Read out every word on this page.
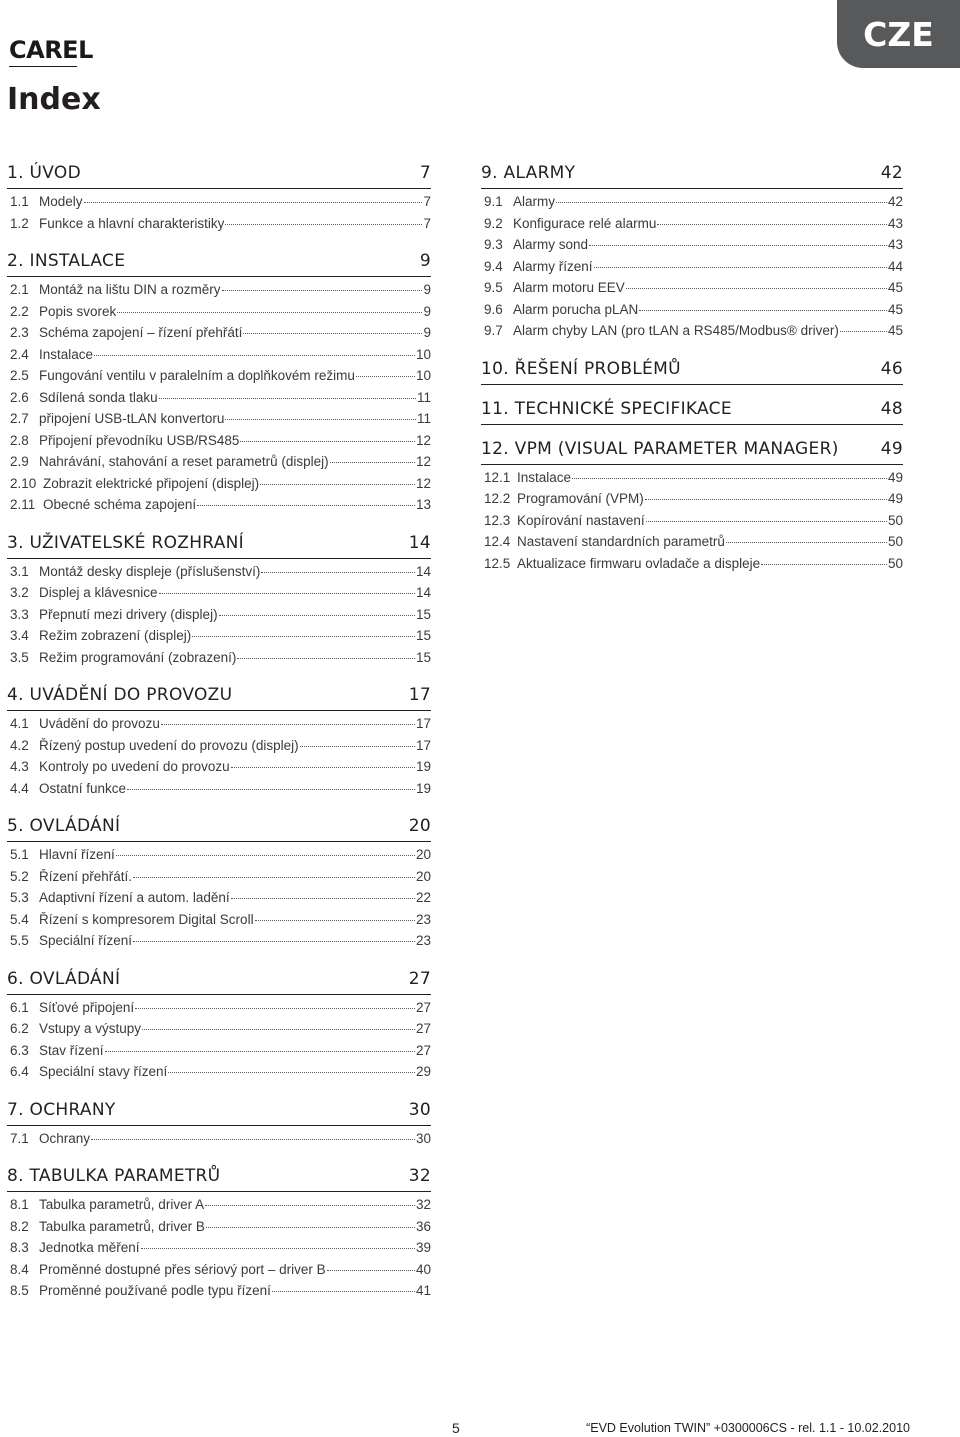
CAREL	CZE
Index
1. ÚVOD	7
1.1 Modely	7
1.2 Funkce a hlavní charakteristiky	7
2. INSTALACE	9
2.1 Montáž na lištu DIN a rozměry	9
2.2 Popis svorek	9
2.3 Schéma zapojení – řízení přehřátí	9
2.4 Instalace	10
2.5 Fungování ventilu v paralelním a doplňkovém režimu	10
2.6 Sdílená sonda tlaku	11
2.7 připojení USB-tLAN konvertoru	11
2.8 Připojení převodníku USB/RS485	12
2.9 Nahrávání, stahování a reset parametrů (displej)	12
2.10 Zobrazit elektrické připojení (displej)	12
2.11 Obecné schéma zapojení	13
3. UŽIVATELSKÉ ROZHRANÍ	14
3.1 Montáž desky displeje (příslušenství)	14
3.2 Displej a klávesnice	14
3.3 Přepnutí mezi drivery (displej)	15
3.4 Režim zobrazení (displej)	15
3.5 Režim programování (zobrazení)	15
4. UVÁDĚNÍ DO PROVOZU	17
4.1 Uvádění do provozu	17
4.2 Řízený postup uvedení do provozu (displej)	17
4.3 Kontroly po uvedení do provozu	19
4.4 Ostatní funkce	19
5. OVLÁDÁNÍ	20
5.1 Hlavní řízení	20
5.2 Řízení přehřátí.	20
5.3 Adaptivní řízení a autom. ladění	22
5.4 Řízení s kompresorem Digital Scroll	23
5.5 Speciální řízení	23
6. OVLÁDÁNÍ	27
6.1 Síťové připojení	27
6.2 Vstupy a výstupy	27
6.3 Stav řízení	27
6.4 Speciální stavy řízení	29
7. OCHRANY	30
7.1 Ochrany	30
8. TABULKA PARAMETRŮ	32
8.1 Tabulka parametrů, driver A	32
8.2 Tabulka parametrů, driver B	36
8.3 Jednotka měření	39
8.4 Proměnné dostupné přes sériový port – driver B	40
8.5 Proměnné používané podle typu řízení	41
9. ALARMY	42
9.1 Alarmy	42
9.2 Konfigurace relé alarmu	43
9.3 Alarmy sond	43
9.4 Alarmy řízení	44
9.5 Alarm motoru EEV	45
9.6 Alarm porucha pLAN	45
9.7 Alarm chyby LAN (pro tLAN a RS485/Modbus® driver)	45
10. ŘEŠENÍ PROBLÉMŮ	46
11. TECHNICKÉ SPECIFIKACE	48
12. VPM (VISUAL PARAMETER MANAGER) 49
12.1 Instalace	49
12.2 Programování (VPM)	49
12.3 Kopírování nastavení	50
12.4 Nastavení standardních parametrů	50
12.5 Aktualizace firmwaru ovladače a displeje	50
5	“EVD Evolution TWIN” +0300006CS - rel. 1.1 - 10.02.2010
